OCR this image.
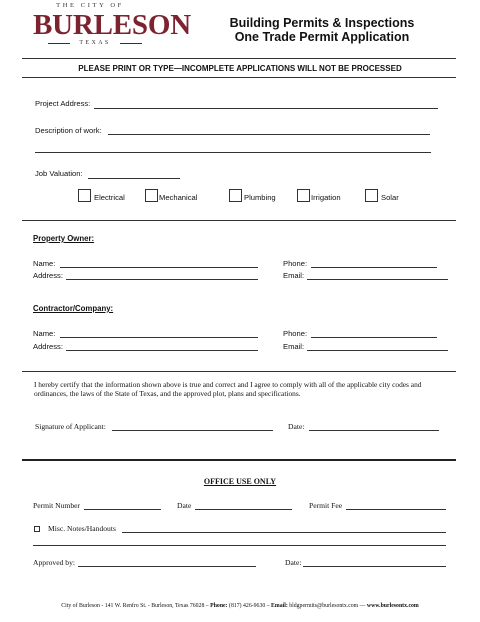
THE CITY OF
BURLESON
TEXAS
Building Permits & Inspections
One Trade Permit Application
PLEASE PRINT OR TYPE—INCOMPLETE APPLICATIONS WILL NOT BE PROCESSED
Project Address:
Description of work:
Job Valuation:
Electrical	Mechanical	Plumbing	Irrigation	Solar
Property Owner:
Name:	Phone:
Address:	Email:
Contractor/Company:
Name:	Phone:
Address:	Email:
I hereby certify that the information shown above is true and correct and I agree to comply with all of the applicable city codes and ordinances, the laws of the State of Texas, and the approved plot, plans and specifications.
Signature of Applicant:	Date:
OFFICE USE ONLY
Permit Number	Date	Permit Fee
Misc. Notes/Handouts
Approved by:	Date:
City of Burleson - 141 W. Renfro St. - Burleson, Texas 76028 – Phone: (817) 426-9630 – Email: bldgpermits@burlesontx.com — www.burlesontx.com
